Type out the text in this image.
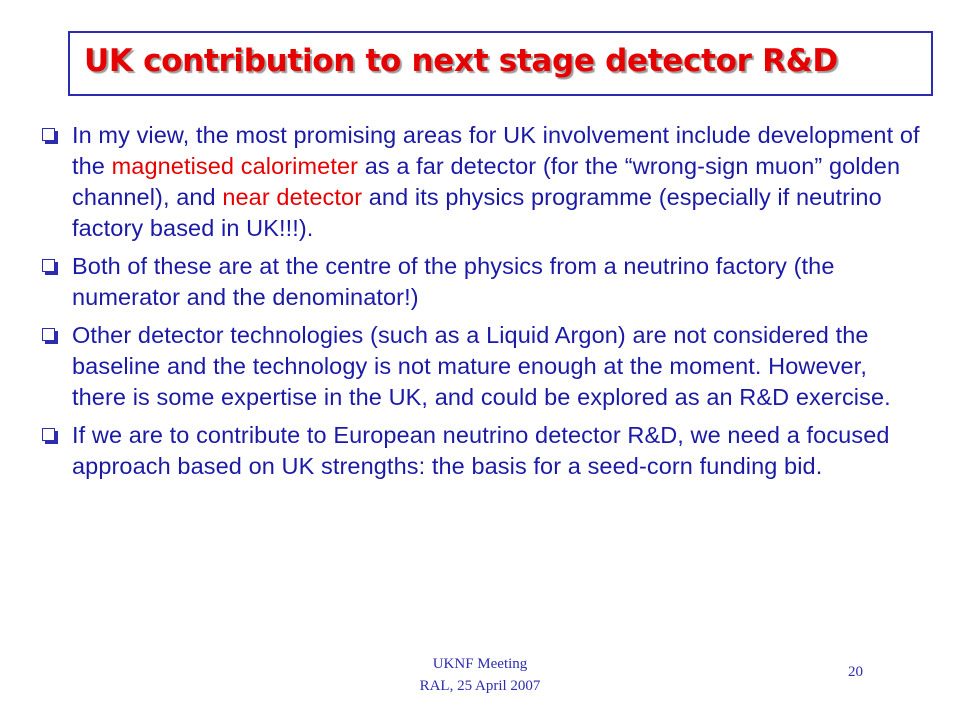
UK contribution to next stage detector R&D
In my view, the most promising areas for UK involvement include development of the magnetised calorimeter as a far detector (for the “wrong-sign muon” golden channel), and near detector and its physics programme (especially if neutrino factory based in UK!!!).
Both of these are at the centre of the physics from a neutrino factory (the numerator and the denominator!)
Other detector technologies (such as a Liquid Argon) are not considered the baseline and the technology is not mature enough at the moment. However, there is some expertise in the UK, and could be explored as an R&D exercise.
If we are to contribute to European neutrino detector R&D, we need a focused approach based on UK strengths: the basis for a seed-corn funding bid.
UKNF Meeting
RAL, 25 April 2007
20
